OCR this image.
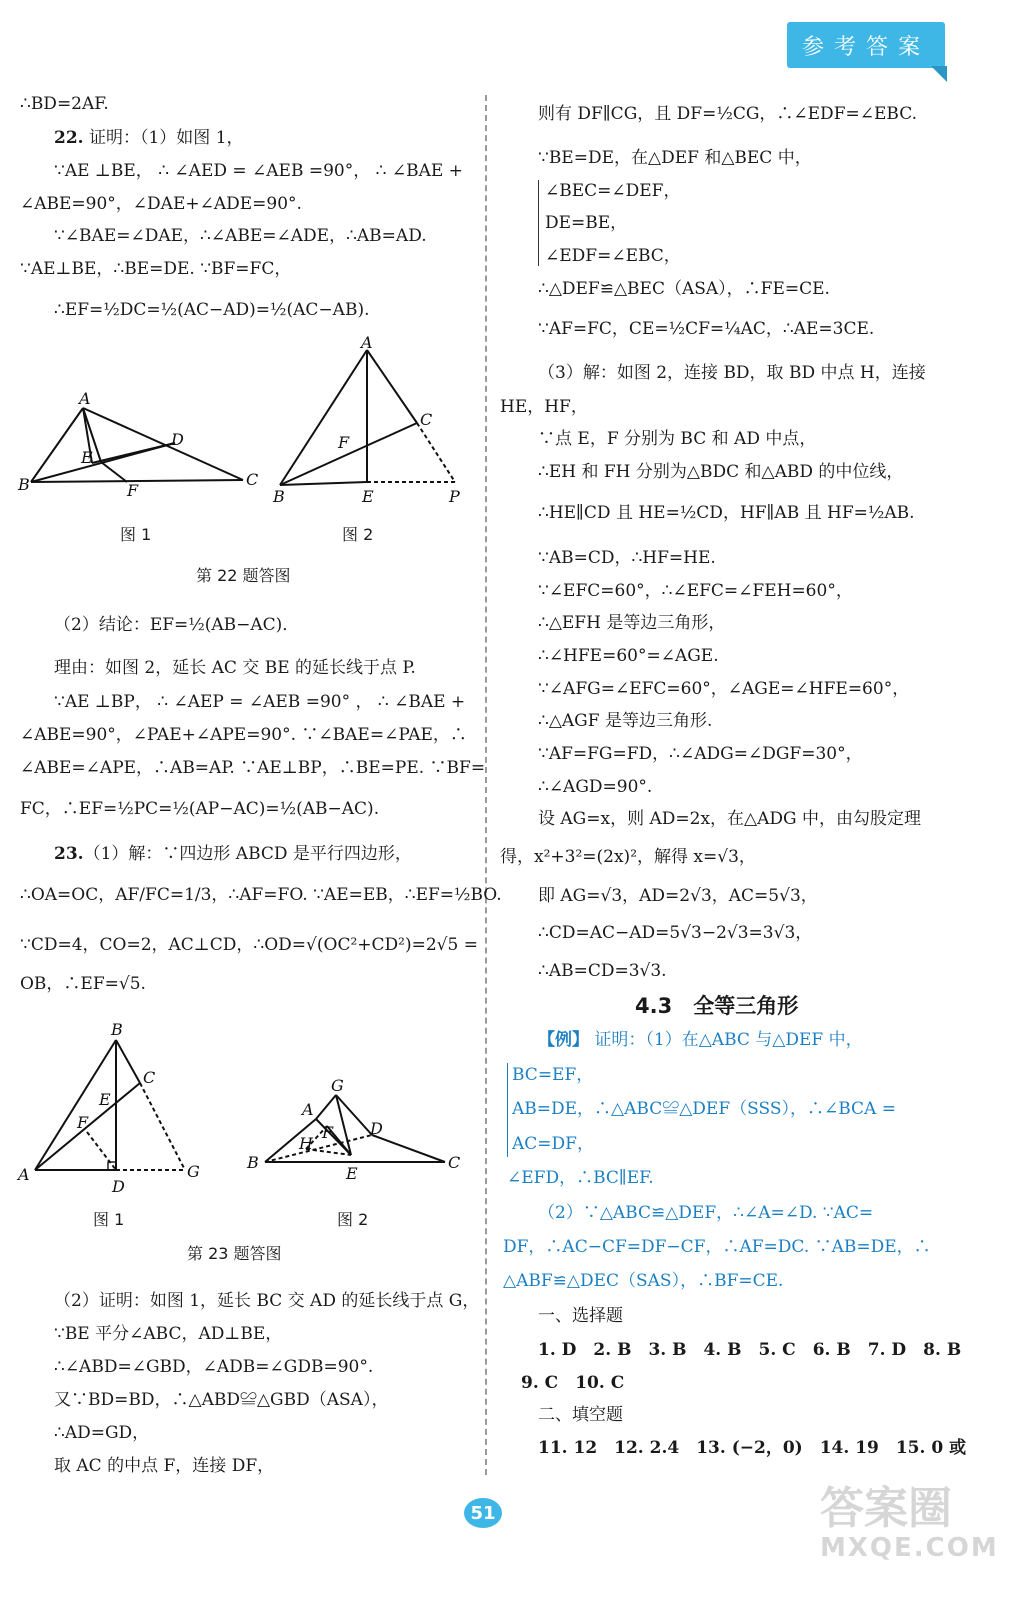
参考答案
∴BD=2AF.
22. 证明：（1）如图 1，
∵AE ⊥BE， ∴ ∠AED = ∠AEB =90°， ∴ ∠BAE +
∠ABE=90°，∠DAE+∠ADE=90°.
∵∠BAE=∠DAE，∴∠ABE=∠ADE，∴AB=AD.
∵AE⊥BE，∴BE=DE. ∵BF=FC，
∴EF=½DC=½(AC−AD)=½(AC−AB).
A
B	C
D
E
F
A
B
C
F
E	P
图 1	图 2
第 22 题答图
（2）结论：EF=½(AB−AC)．
理由：如图 2，延长 AC 交 BE 的延长线于点 P.
∵AE ⊥BP， ∴ ∠AEP = ∠AEB =90° ， ∴ ∠BAE +
∠ABE=90°，∠PAE+∠APE=90°. ∵∠BAE=∠PAE，∴
∠ABE=∠APE，∴AB=AP. ∵AE⊥BP，∴BE=PE. ∵BF=
FC，∴EF=½PC=½(AP−AC)=½(AB−AC).
23.（1）解：∵四边形 ABCD 是平行四边形，
∴OA=OC，AF/FC=1/3，∴AF=FO. ∵AE=EB，∴EF=½BO.
∵CD=4，CO=2，AC⊥CD，∴OD=√(OC²+CD²)=2√5 =
OB，∴EF=√5.
B
C
E
F
A
D
G
G
A
F D
H
B	C
E
图 1	图 2
第 23 题答图
（2）证明：如图 1，延长 BC 交 AD 的延长线于点 G，
∵BE 平分∠ABC，AD⊥BE，
∴∠ABD=∠GBD，∠ADB=∠GDB=90°.
又∵BD=BD，∴△ABD≌△GBD（ASA），
∴AD=GD，
取 AC 的中点 F，连接 DF，
则有 DF∥CG，且 DF=½CG，∴∠EDF=∠EBC.
∵BE=DE，在△DEF 和△BEC 中，
∠BEC=∠DEF，
DE=BE，
∠EDF=∠EBC，
∴△DEF≌△BEC（ASA），∴FE=CE.
∵AF=FC，CE=½CF=¼AC，∴AE=3CE.
（3）解：如图 2，连接 BD，取 BD 中点 H，连接
HE，HF，
∵点 E，F 分别为 BC 和 AD 中点，
∴EH 和 FH 分别为△BDC 和△ABD 的中位线，
∴HE∥CD 且 HE=½CD，HF∥AB 且 HF=½AB.
∵AB=CD，∴HF=HE.
∵∠EFC=60°，∴∠EFC=∠FEH=60°，
∴△EFH 是等边三角形，
∴∠HFE=60°=∠AGE.
∵∠AFG=∠EFC=60°，∠AGE=∠HFE=60°，
∴△AGF 是等边三角形.
∵AF=FG=FD，∴∠ADG=∠DGF=30°，
∴∠AGD=90°.
设 AG=x，则 AD=2x，在△ADG 中，由勾股定理
得，x²+3²=(2x)²，解得 x=√3，
即 AG=√3，AD=2√3，AC=5√3，
∴CD=AC−AD=5√3−2√3=3√3，
∴AB=CD=3√3.
4.3　全等三角形
【例】 证明：（1）在△ABC 与△DEF 中，
BC=EF，
AB=DE，∴△ABC≌△DEF（SSS），∴∠BCA =
AC=DF，
∠EFD，∴BC∥EF.
（2）∵△ABC≌△DEF，∴∠A=∠D. ∵AC=
DF，∴AC−CF=DF−CF，∴AF=DC. ∵AB=DE，∴
△ABF≌△DEC（SAS），∴BF=CE.
一、选择题
1. D　2. B　3. B　4. B　5. C　6. B　7. D　8. B
9. C　10. C
二、填空题
11. 12　12. 2.4　13. (−2，0)　14. 19　15. 0 或
51	答案圈
MXQE.COM
